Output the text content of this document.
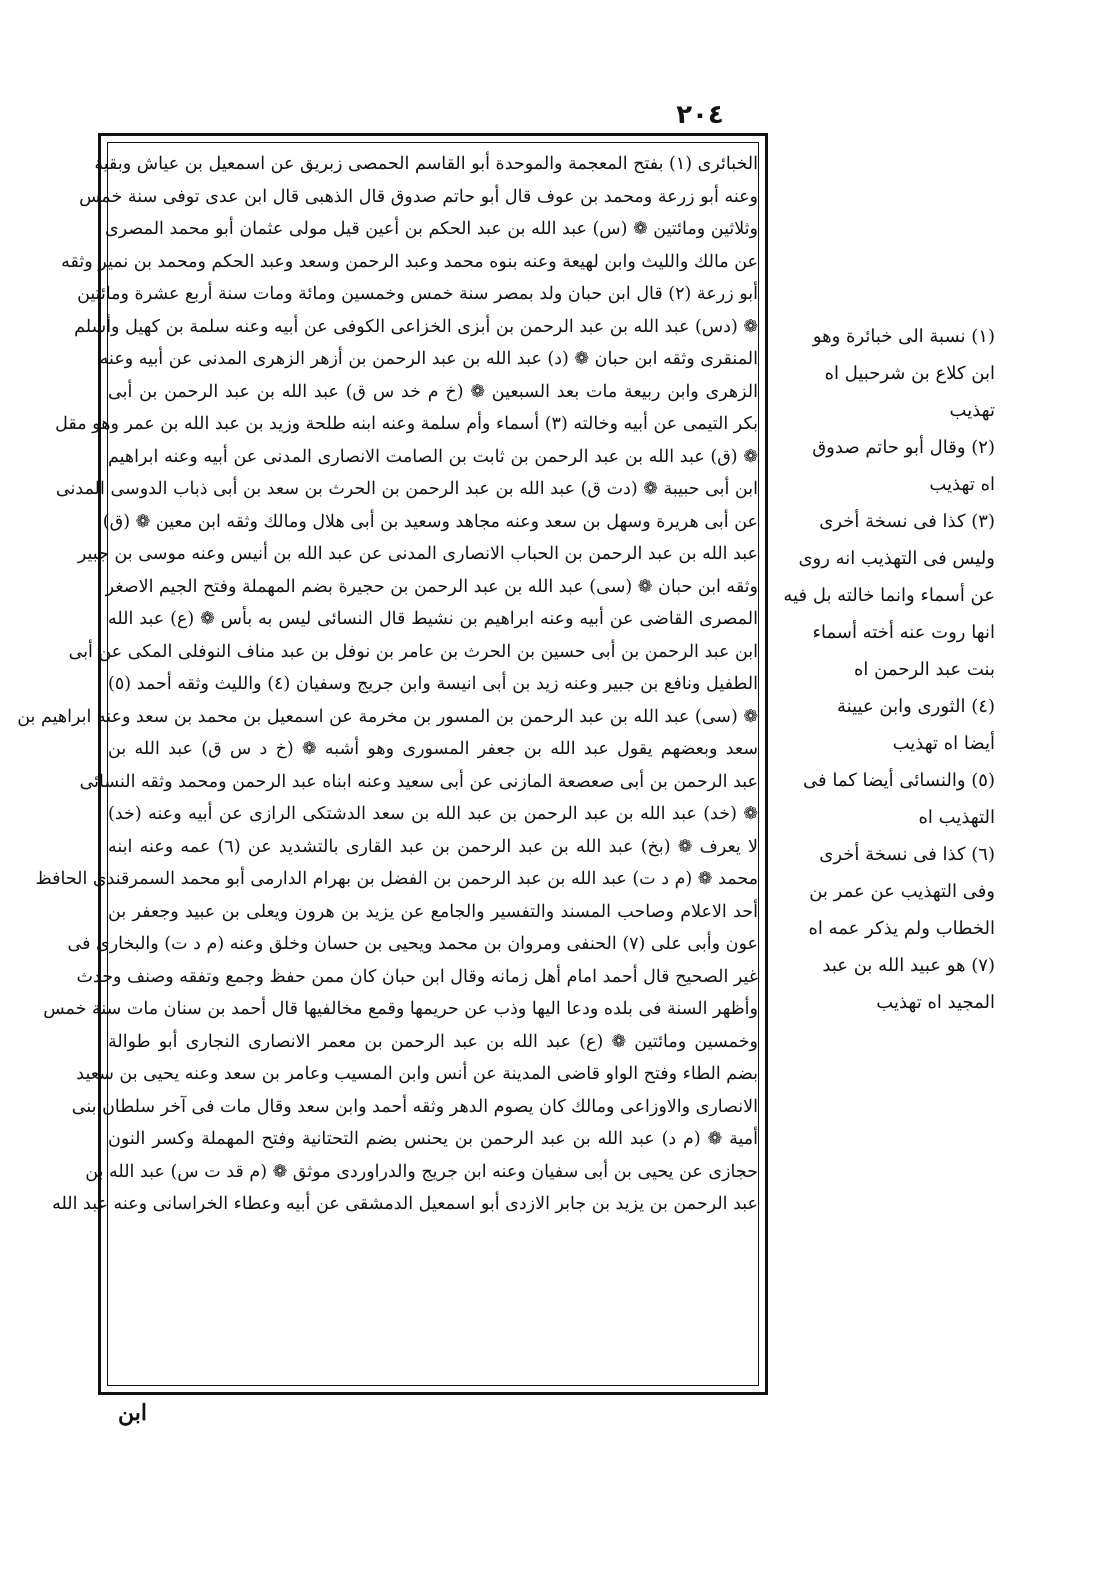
٢٠٤
الخبائرى (١) بفتح المعجمة والموحدة أبو القاسم الحمصى زبريق عن اسمعيل بن عياش وبقية
وعنه أبو زرعة ومحمد بن عوف قال أبو حاتم صدوق قال الذهبى قال ابن عدى توفى سنة خمس
وثلاثين ومائتين ❁ (س) عبد الله بن عبد الحكم بن أعين قيل مولى عثمان أبو محمد المصرى
عن مالك والليث وابن لهيعة وعنه بنوه محمد وعبد الرحمن وسعد وعبد الحكم ومحمد بن نمير وثقه
أبو زرعة (٢) قال ابن حبان ولد بمصر سنة خمس وخمسين ومائة ومات سنة أربع عشرة ومائتين
❁ (دس) عبد الله بن عبد الرحمن بن أبزى الخزاعى الكوفى عن أبيه وعنه سلمة بن كهيل وأسلم
المنقرى وثقه ابن حبان ❁ (د) عبد الله بن عبد الرحمن بن أزهر الزهرى المدنى عن أبيه وعنه
الزهرى وابن ربيعة مات بعد السبعين ❁ (خ م خد س ق) عبد الله بن عبد الرحمن بن أبى
بكر التيمى عن أبيه وخالته (٣) أسماء وأم سلمة وعنه ابنه طلحة وزيد بن عبد الله بن عمر وهو مقل
❁ (ق) عبد الله بن عبد الرحمن بن ثابت بن الصامت الانصارى المدنى عن أبيه وعنه ابراهيم
ابن أبى حبيبة ❁ (دت ق) عبد الله بن عبد الرحمن بن الحرث بن سعد بن أبى ذباب الدوسى المدنى
عن أبى هريرة وسهل بن سعد وعنه مجاهد وسعيد بن أبى هلال ومالك وثقه ابن معين ❁ (ق)
عبد الله بن عبد الرحمن بن الحباب الانصارى المدنى عن عبد الله بن أنيس وعنه موسى بن جبير
وثقه ابن حبان ❁ (سى) عبد الله بن عبد الرحمن بن حجيرة بضم المهملة وفتح الجيم الاصغر
المصرى القاضى عن أبيه وعنه ابراهيم بن نشيط قال النسائى ليس به بأس ❁ (ع) عبد الله
ابن عبد الرحمن بن أبى حسين بن الحرث بن عامر بن نوفل بن عبد مناف النوفلى المكى عن أبى
الطفيل ونافع بن جبير وعنه زيد بن أبى انيسة وابن جريج وسفيان (٤) والليث وثقه أحمد (٥)
❁ (سى) عبد الله بن عبد الرحمن بن المسور بن مخرمة عن اسمعيل بن محمد بن سعد وعنه ابراهيم بن
سعد وبعضهم يقول عبد الله بن جعفر المسورى وهو أشبه ❁ (خ د س ق) عبد الله بن
عبد الرحمن بن أبى صعصعة المازنى عن أبى سعيد وعنه ابناه عبد الرحمن ومحمد وثقه النسائى
❁ (خد) عبد الله بن عبد الرحمن بن عبد الله بن سعد الدشتكى الرازى عن أبيه وعنه (خد)
لا يعرف ❁ (بخ) عبد الله بن عبد الرحمن بن عبد القارى بالتشديد عن (٦) عمه وعنه ابنه
محمد ❁ (م د ت) عبد الله بن عبد الرحمن بن الفضل بن بهرام الدارمى أبو محمد السمرقندى الحافظ
أحد الاعلام وصاحب المسند والتفسير والجامع عن يزيد بن هرون ويعلى بن عبيد وجعفر بن
عون وأبى على (٧) الحنفى ومروان بن محمد ويحيى بن حسان وخلق وعنه (م د ت) والبخارى فى
غير الصحيح قال أحمد امام أهل زمانه وقال ابن حبان كان ممن حفظ وجمع وتفقه وصنف وحدث
وأظهر السنة فى بلده ودعا اليها وذب عن حريمها وقمع مخالفيها قال أحمد بن سنان مات سنة خمس
وخمسين ومائتين ❁ (ع) عبد الله بن عبد الرحمن بن معمر الانصارى النجارى أبو طوالة
بضم الطاء وفتح الواو قاضى المدينة عن أنس وابن المسيب وعامر بن سعد وعنه يحيى بن سعيد
الانصارى والاوزاعى ومالك كان يصوم الدهر وثقه أحمد وابن سعد وقال مات فى آخر سلطان بنى
أمية ❁ (م د) عبد الله بن عبد الرحمن بن يحنس بضم التحتانية وفتح المهملة وكسر النون
حجازى عن يحيى بن أبى سفيان وعنه ابن جريج والدراوردى موثق ❁ (م قد ت س) عبد الله بن
عبد الرحمن بن يزيد بن جابر الازدى أبو اسمعيل الدمشقى عن أبيه وعطاء الخراسانى وعنه عبد الله
(١) نسبة الى خبائرة وهو
ابن كلاع بن شرحبيل اه
تهذيب
(٢) وقال أبو حاتم صدوق
اه تهذيب
(٣) كذا فى نسخة أخرى
وليس فى التهذيب انه روى
عن أسماء وانما خالته بل فيه
انها روت عنه أخته أسماء
بنت عبد الرحمن اه
(٤) الثورى وابن عيينة
أيضا اه تهذيب
(٥) والنسائى أيضا كما فى
التهذيب اه
(٦) كذا فى نسخة أخرى
وفى التهذيب عن عمر بن
الخطاب ولم يذكر عمه اه
(٧) هو عبيد الله بن عبد
المجيد اه تهذيب
ابن
